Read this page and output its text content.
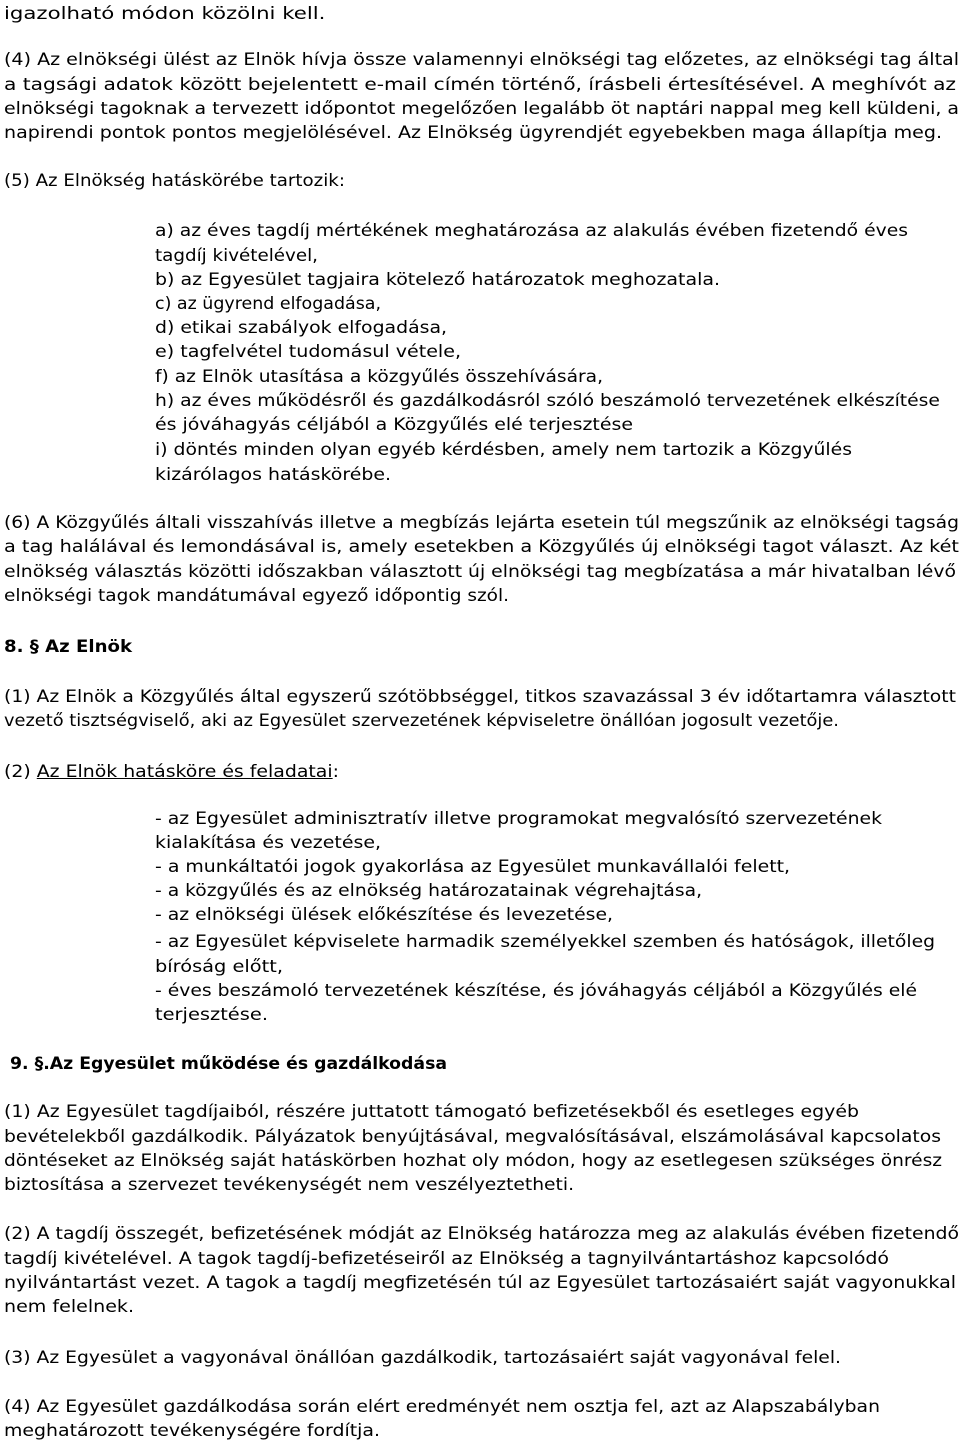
igazolható módon közölni kell.
(4) Az elnökségi ülést az Elnök hívja össze valamennyi elnökségi tag előzetes, az elnökségi tag által
a tagsági adatok között bejelentett e-mail címén történő, írásbeli értesítésével. A meghívót az
elnökségi tagoknak a tervezett időpontot megelőzően legalább öt naptári nappal meg kell küldeni, a
napirendi pontok pontos megjelölésével. Az Elnökség ügyrendjét egyebekben maga állapítja meg.
(5) Az Elnökség hatáskörébe tartozik:
a) az éves tagdíj mértékének meghatározása az alakulás évében fizetendő éves
tagdíj kivételével,
b) az Egyesület tagjaira kötelező határozatok meghozatala.
c) az ügyrend elfogadása,
d) etikai szabályok elfogadása,
e) tagfelvétel tudomásul vétele,
f) az Elnök utasítása a közgyűlés összehívására,
h) az éves működésről és gazdálkodásról szóló beszámoló tervezetének elkészítése
és jóváhagyás céljából a Közgyűlés elé terjesztése
i) döntés minden olyan egyéb kérdésben, amely nem tartozik a Közgyűlés
kizárólagos hatáskörébe.
(6) A Közgyűlés általi visszahívás illetve a megbízás lejárta esetein túl megszűnik az elnökségi tagság
a tag halálával és lemondásával is, amely esetekben a Közgyűlés új elnökségi tagot választ. Az két
elnökség választás közötti időszakban választott új elnökségi tag megbízatása a már hivatalban lévő
elnökségi tagok mandátumával egyező időpontig szól.
8. § Az Elnök
(1) Az Elnök a Közgyűlés által egyszerű szótöbbséggel, titkos szavazással 3 év időtartamra választott
vezető tisztségviselő, aki az Egyesület szervezetének képviseletre önállóan jogosult vezetője.
(2) Az Elnök hatásköre és feladatai:
- az Egyesület adminisztratív illetve programokat megvalósító szervezetének
kialakítása és vezetése,
- a munkáltatói jogok gyakorlása az Egyesület munkavállalói felett,
- a közgyűlés és az elnökség határozatainak végrehajtása,
- az elnökségi ülések előkészítése és levezetése,
- az Egyesület képviselete harmadik személyekkel szemben és hatóságok, illetőleg
bíróság előtt,
- éves beszámoló tervezetének készítése, és jóváhagyás céljából a Közgyűlés elé
terjesztése.
9. §.Az Egyesület működése és gazdálkodása
(1) Az Egyesület tagdíjaiból, részére juttatott támogató befizetésekből és esetleges egyéb
bevételekből gazdálkodik. Pályázatok benyújtásával, megvalósításával, elszámolásával kapcsolatos
döntéseket az Elnökség saját hatáskörben hozhat oly módon, hogy az esetlegesen szükséges önrész
biztosítása a szervezet tevékenységét nem veszélyeztetheti.
(2) A tagdíj összegét, befizetésének módját az Elnökség határozza meg az alakulás évében fizetendő
tagdíj kivételével. A tagok tagdíj-befizetéseiről az Elnökség a tagnyilvántartáshoz kapcsolódó
nyilvántartást vezet. A tagok a tagdíj megfizetésén túl az Egyesület tartozásaiért saját vagyonukkal
nem felelnek.
(3) Az Egyesület a vagyonával önállóan gazdálkodik, tartozásaiért saját vagyonával felel.
(4) Az Egyesület gazdálkodása során elért eredményét nem osztja fel, azt az Alapszabályban
meghatározott tevékenységére fordítja.
